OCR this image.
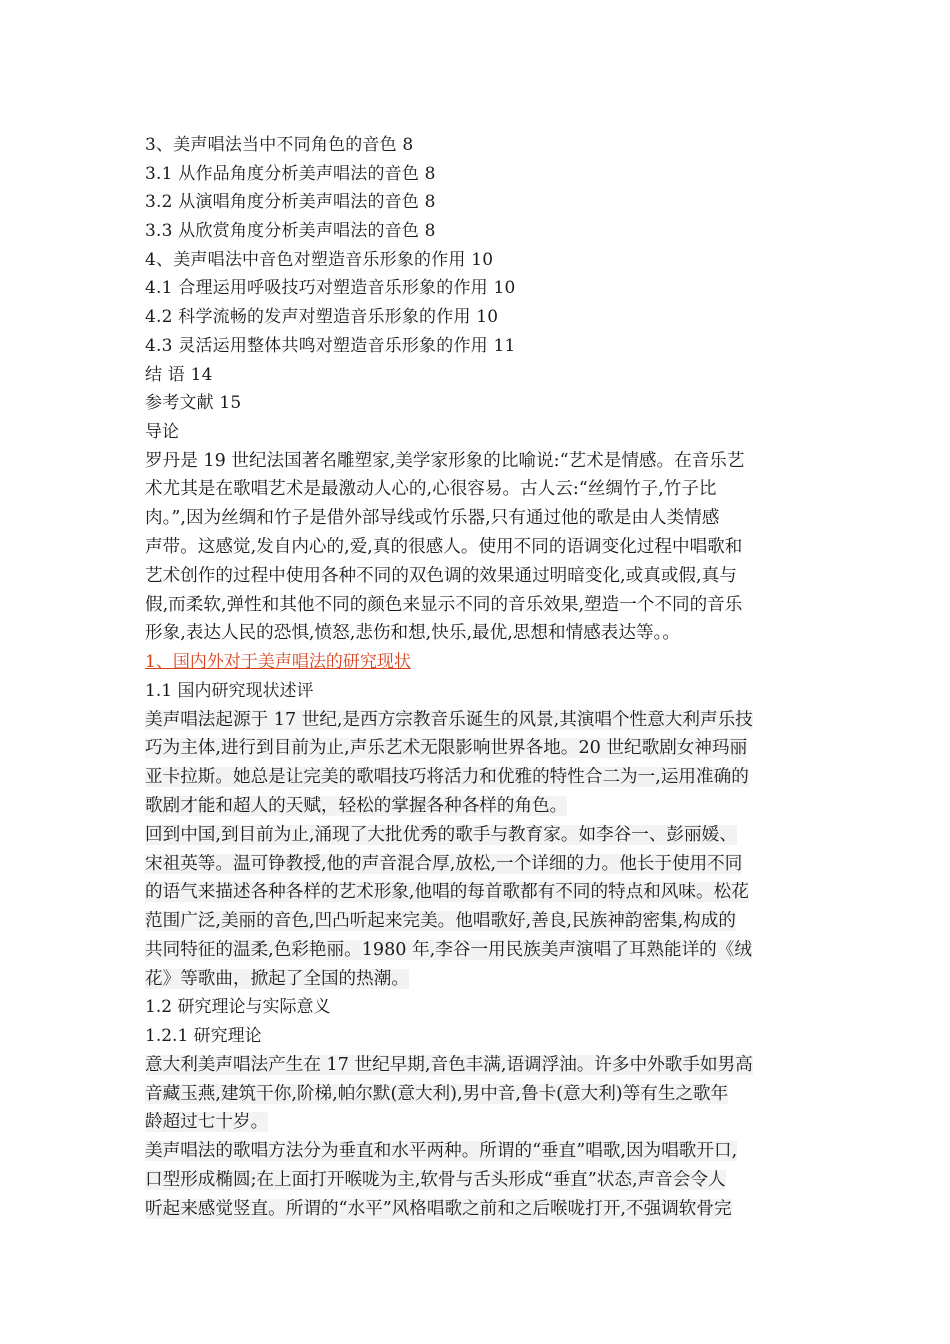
3、美声唱法当中不同角色的音色 8
3.1 从作品角度分析美声唱法的音色 8
3.2 从演唱角度分析美声唱法的音色 8
3.3 从欣赏角度分析美声唱法的音色 8
4、美声唱法中音色对塑造音乐形象的作用 10
4.1 合理运用呼吸技巧对塑造音乐形象的作用 10
4.2 科学流畅的发声对塑造音乐形象的作用 10
4.3 灵活运用整体共鸣对塑造音乐形象的作用 11
结 语 14
参考文献 15
导论
罗丹是 19 世纪法国著名雕塑家,美学家形象的比喻说:“艺术是情感。在音乐艺
术尤其是在歌唱艺术是最激动人心的,心很容易。古人云:“丝绸竹子,竹子比
肉。”,因为丝绸和竹子是借外部导线或竹乐器,只有通过他的歌是由人类情感
声带。这感觉,发自内心的,爱,真的很感人。使用不同的语调变化过程中唱歌和
艺术创作的过程中使用各种不同的双色调的效果通过明暗变化,或真或假,真与
假,而柔软,弹性和其他不同的颜色来显示不同的音乐效果,塑造一个不同的音乐
形象,表达人民的恐惧,愤怒,悲伤和想,快乐,最优,思想和情感表达等。。
1、国内外对于美声唱法的研究现状
1.1 国内研究现状述评
美声唱法起源于 17 世纪,是西方宗教音乐诞生的风景,其演唱个性意大利声乐技
巧为主体,进行到目前为止,声乐艺术无限影响世界各地。20 世纪歌剧女神玛丽
亚卡拉斯。她总是让完美的歌唱技巧将活力和优雅的特性合二为一,运用准确的
歌剧才能和超人的天赋，轻松的掌握各种各样的角色。
回到中国,到目前为止,涌现了大批优秀的歌手与教育家。如李谷一、彭丽媛、
宋祖英等。温可铮教授,他的声音混合厚,放松,一个详细的力。他长于使用不同
的语气来描述各种各样的艺术形象,他唱的每首歌都有不同的特点和风味。松花
范围广泛,美丽的音色,凹凸听起来完美。他唱歌好,善良,民族神韵密集,构成的
共同特征的温柔,色彩艳丽。1980 年,李谷一用民族美声演唱了耳熟能详的《绒
花》等歌曲，掀起了全国的热潮。
1.2 研究理论与实际意义
1.2.1 研究理论
意大利美声唱法产生在 17 世纪早期,音色丰满,语调浮油。许多中外歌手如男高
音藏玉燕,建筑干你,阶梯,帕尔默(意大利),男中音,鲁卡(意大利)等有生之歌年
龄超过七十岁。
美声唱法的歌唱方法分为垂直和水平两种。所谓的“垂直”唱歌,因为唱歌开口,
口型形成椭圆;在上面打开喉咙为主,软骨与舌头形成“垂直”状态,声音会令人
听起来感觉竖直。所谓的“水平”风格唱歌之前和之后喉咙打开,不强调软骨完
